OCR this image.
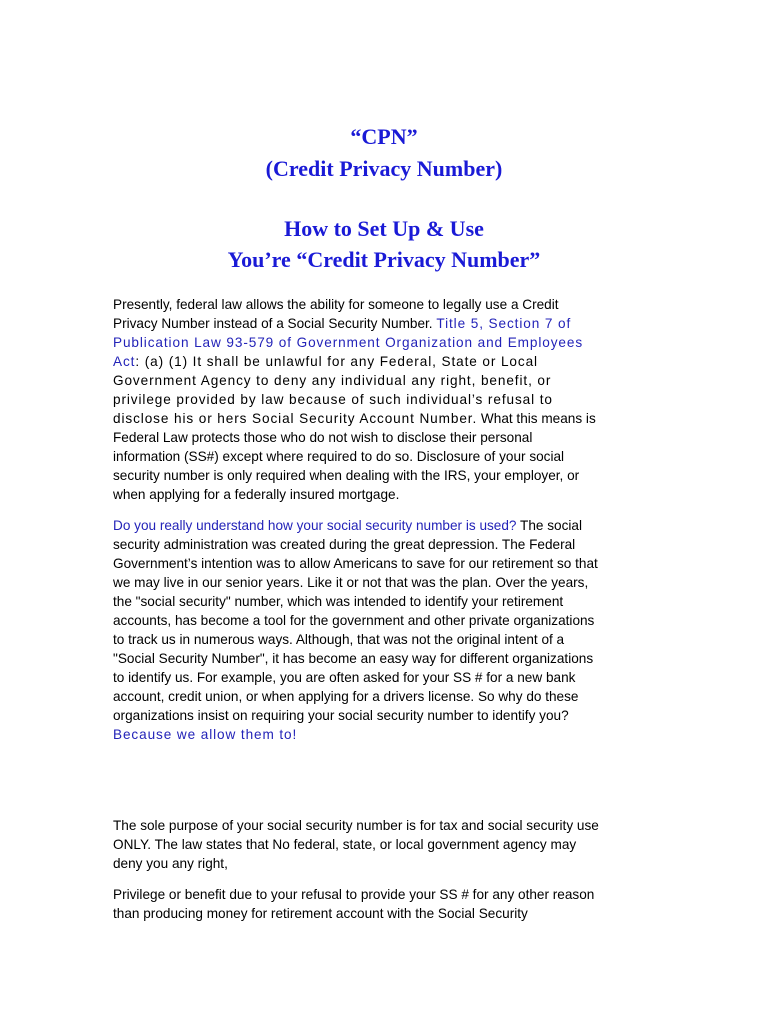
“CPN”
(Credit Privacy Number)
How to Set Up & Use
You’re “Credit Privacy Number”

Presently, federal law allows the ability for someone to legally use a Credit
Privacy Number instead of a Social Security Number. Title 5, Section 7 of
Publication Law 93-579 of Government Organization and Employees
Act: (a) (1) It shall be unlawful for any Federal, State or Local
Government Agency to deny any individual any right, benefit, or
privilege provided by law because of such individual’s refusal to
disclose his or hers Social Security Account Number. What this means is
Federal Law protects those who do not wish to disclose their personal
information (SS#) except where required to do so. Disclosure of your social
security number is only required when dealing with the IRS, your employer, or
when applying for a federally insured mortgage.

Do you really understand how your social security number is used? The social
security administration was created during the great depression. The Federal
Government’s intention was to allow Americans to save for our retirement so that
we may live in our senior years. Like it or not that was the plan. Over the years,
the "social security" number, which was intended to identify your retirement
accounts, has become a tool for the government and other private organizations
to track us in numerous ways. Although, that was not the original intent of a
"Social Security Number", it has become an easy way for different organizations
to identify us. For example, you are often asked for your SS # for a new bank
account, credit union, or when applying for a drivers license. So why do these
organizations insist on requiring your social security number to identify you?
Because we allow them to!

The sole purpose of your social security number is for tax and social security use
ONLY. The law states that No federal, state, or local government agency may
deny you any right,

Privilege or benefit due to your refusal to provide your SS # for any other reason
than producing money for retirement account with the Social Security
